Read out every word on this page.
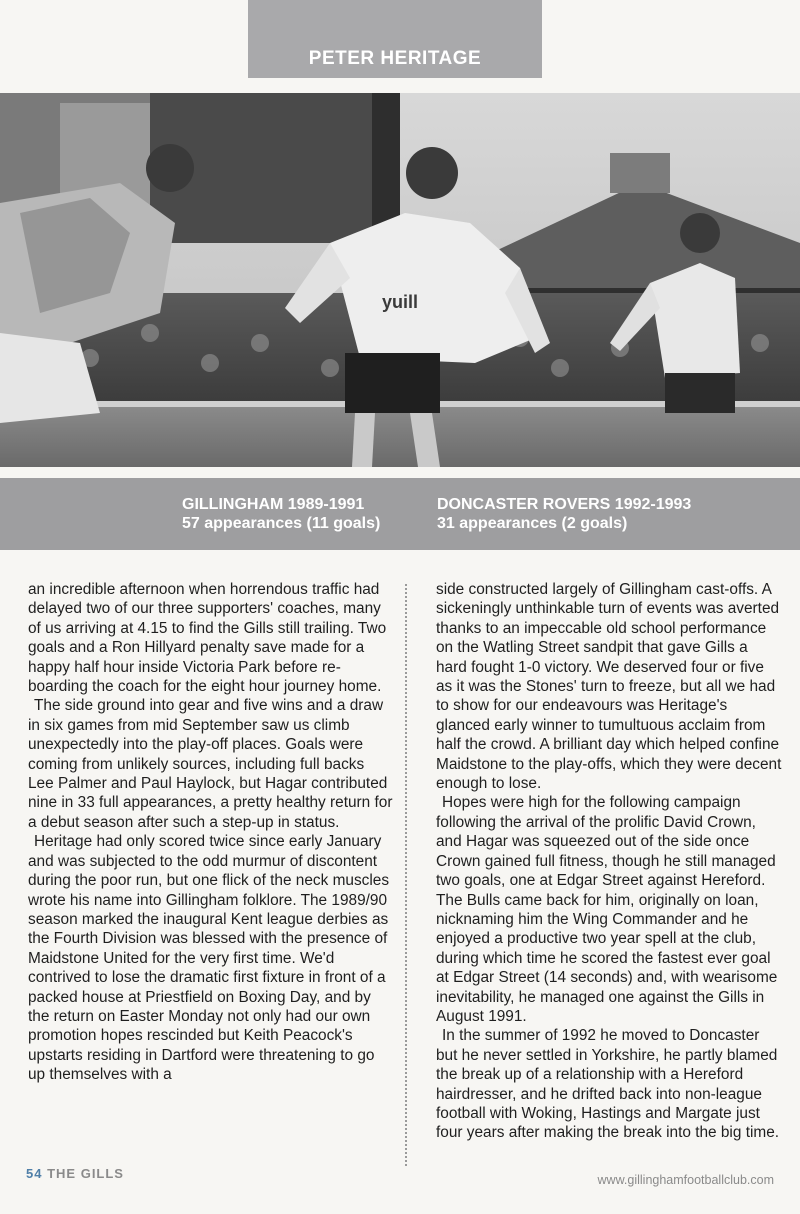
PETER HERITAGE
yuill
GILLINGHAM 1989-1991
57 appearances (11 goals)
DONCASTER ROVERS 1992-1993
31 appearances (2 goals)

an incredible afternoon when horrendous traffic had delayed two of our three supporters' coaches, many of us arriving at 4.15 to find the Gills still trailing. Two goals and a Ron Hillyard penalty save made for a happy half hour inside Victoria Park before re-boarding the coach for the eight hour journey home.

The side ground into gear and five wins and a draw in six games from mid September saw us climb unexpectedly into the play-off places. Goals were coming from unlikely sources, including full backs Lee Palmer and Paul Haylock, but Hagar contributed nine in 33 full appearances, a pretty healthy return for a debut season after such a step-up in status.

Heritage had only scored twice since early January and was subjected to the odd murmur of discontent during the poor run, but one flick of the neck muscles wrote his name into Gillingham folklore. The 1989/90 season marked the inaugural Kent league derbies as the Fourth Division was blessed with the presence of Maidstone United for the very first time. We'd contrived to lose the dramatic first fixture in front of a packed house at Priestfield on Boxing Day, and by the return on Easter Monday not only had our own promotion hopes rescinded but Keith Peacock's upstarts residing in Dartford were threatening to go up themselves with a

side constructed largely of Gillingham cast-offs. A sickeningly unthinkable turn of events was averted thanks to an impeccable old school performance on the Watling Street sandpit that gave Gills a hard fought 1-0 victory. We deserved four or five as it was the Stones' turn to freeze, but all we had to show for our endeavours was Heritage's glanced early winner to tumultuous acclaim from half the crowd. A brilliant day which helped confine Maidstone to the play-offs, which they were decent enough to lose.

Hopes were high for the following campaign following the arrival of the prolific David Crown, and Hagar was squeezed out of the side once Crown gained full fitness, though he still managed two goals, one at Edgar Street against Hereford. The Bulls came back for him, originally on loan, nicknaming him the Wing Commander and he enjoyed a productive two year spell at the club, during which time he scored the fastest ever goal at Edgar Street (14 seconds) and, with wearisome inevitability, he managed one against the Gills in August 1991.

In the summer of 1992 he moved to Doncaster but he never settled in Yorkshire, he partly blamed the break up of a relationship with a Hereford hairdresser, and he drifted back into non-league football with Woking, Hastings and Margate just four years after making the break into the big time.

54 THE GILLS	www.gillinghamfootballclub.com
